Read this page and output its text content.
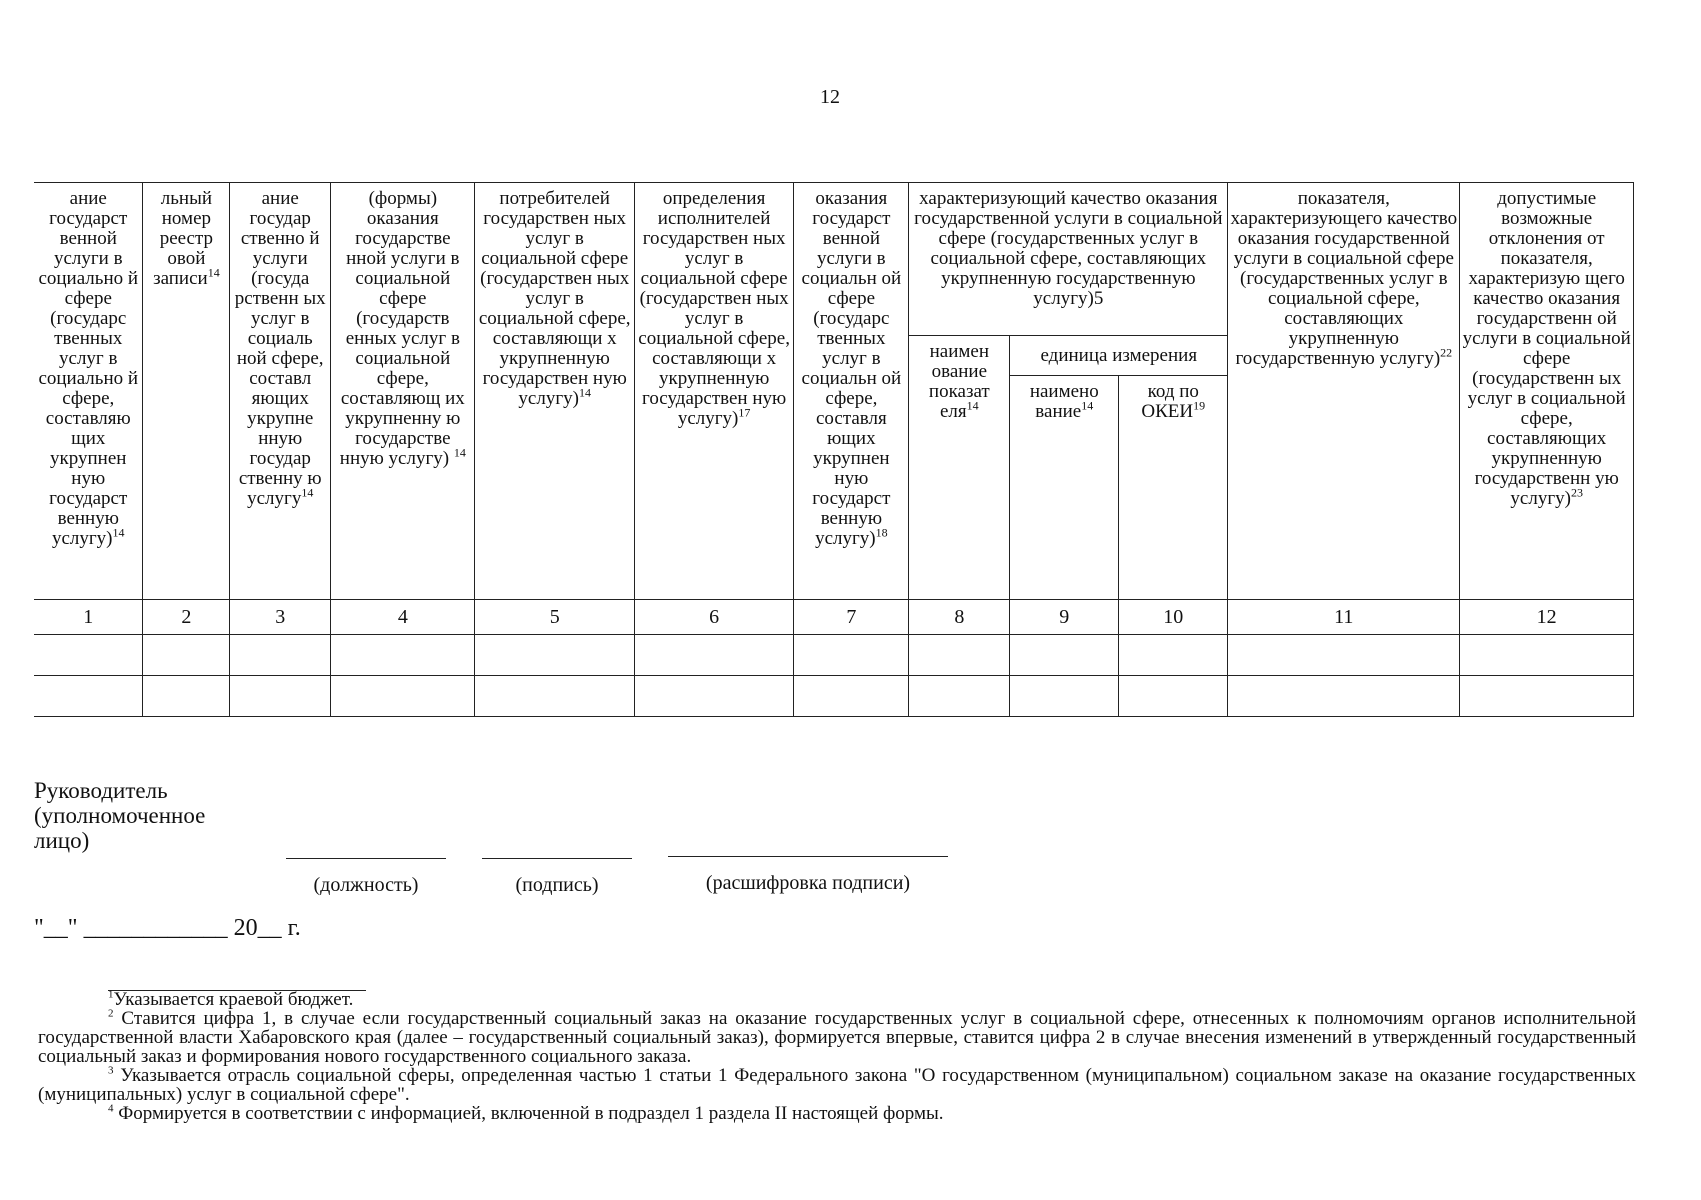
12
ание государст венной услуги в социально й сфере (государс твенных услуг в социально й сфере, составляю щих укрупнен ную государст венную услугу)$^{14}$	льный номер реестр овой записи$^{14}$	ание государ ственно й услуги (госуда рственн ых услуг в социаль ной сфере, составл яющих укрупне нную государ ственну ю услугу$^{14}$	(формы) оказания государстве нной услуги в социальной сфере (государств енных услуг в социальной сфере, составляющ их укрупненну ю государстве нную услугу) $^{14}$	потребителей государствен ных услуг в социальной сфере (государствен ных услуг в социальной сфере, составляющи х укрупненную государствен ную услугу)$^{14}$	определения исполнителей государствен ных услуг в социальной сфере (государствен ных услуг в социальной сфере, составляющи х укрупненную государствен ную услугу)$^{17}$	оказания государст венной услуги в социальн ой сфере (государс твенных услуг в социальн ой сфере, составля ющих укрупнен ную государст венную услугу)$^{18}$	характеризующий качество оказания государственной услуги в социальной сфере (государственных услуг в социальной сфере, составляющих укрупненную государственную услугу)5			показателя, характеризующего качество оказания государственной услуги в социальной сфере (государственных услуг в социальной сфере, составляющих укрупненную государственную услугу)$^{22}$	допустимые возможные отклонения от показателя, характеризую щего качество оказания государственн ой услуги в социальной сфере (государственн ых услуг в социальной сфере, составляющих укрупненную государственн ую услугу)$^{23}$
							наимен ование показат еля$^{14}$	единица измерения			
								наимено вание$^{14}$	код по ОКЕИ$^{19}$
1	2	3	4	5	6	7	8	9	10	11	12

Руководитель
(уполномоченное
лицо)
(должность)	(подпись)	(расшифровка подписи)
"__" ____________ 20__ г.

$^1$Указывается краевой бюджет.

$^2$ Ставится цифра 1, в случае если государственный социальный заказ на оказание государственных услуг в социальной сфере, отнесенных к полномочиям органов исполнительной государственной власти Хабаровского края (далее – государственный социальный заказ), формируется впервые, ставится цифра 2 в случае внесения изменений в утвержденный государственный социальный заказ и формирования нового государственного социального заказа.

$^3$ Указывается отрасль социальной сферы, определенная частью 1 статьи 1 Федерального закона "О государственном (муниципальном) социальном заказе на оказание государственных (муниципальных) услуг в социальной сфере".

$^4$ Формируется в соответствии с информацией, включенной в подраздел 1 раздела II настоящей формы.
